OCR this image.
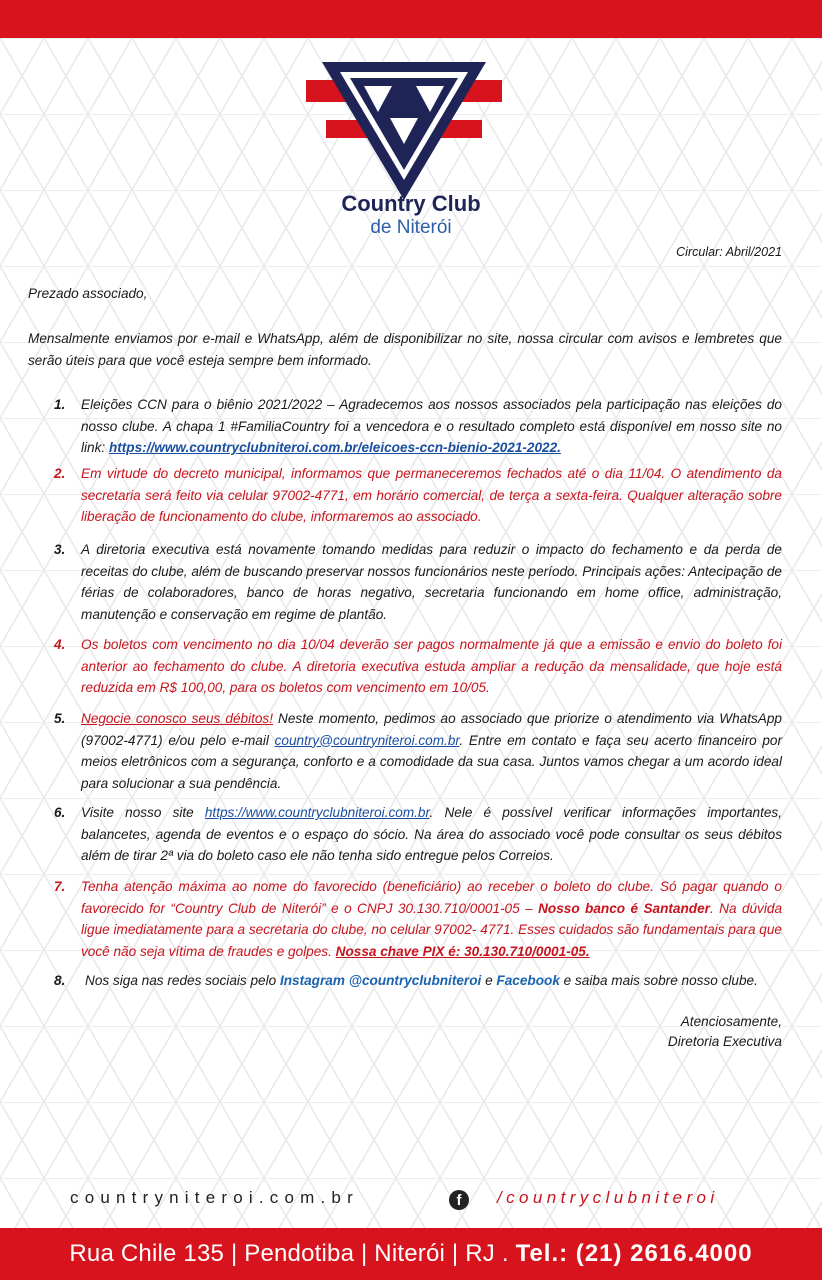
Country Club
de Niterói
Circular: Abril/2021
Prezado associado,
Mensalmente enviamos por e-mail e WhatsApp, além de disponibilizar no site, nossa circular com avisos e lembretes que serão úteis para que você esteja sempre bem informado.
1. Eleições CCN para o biênio 2021/2022 – Agradecemos aos nossos associados pela participação nas eleições do nosso clube. A chapa 1 #FamiliaCountry foi a vencedora e o resultado completo está disponível em nosso site no link: https://www.countryclubniteroi.com.br/eleicoes-ccn-bienio-2021-2022.
2. Em virtude do decreto municipal, informamos que permaneceremos fechados até o dia 11/04. O atendimento da secretaria será feito via celular 97002-4771, em horário comercial, de terça a sexta-feira. Qualquer alteração sobre liberação de funcionamento do clube, informaremos ao associado.
3. A diretoria executiva está novamente tomando medidas para reduzir o impacto do fechamento e da perda de receitas do clube, além de buscando preservar nossos funcionários neste período. Principais ações: Antecipação de férias de colaboradores, banco de horas negativo, secretaria funcionando em home office, administração, manutenção e conservação em regime de plantão.
4. Os boletos com vencimento no dia 10/04 deverão ser pagos normalmente já que a emissão e envio do boleto foi anterior ao fechamento do clube. A diretoria executiva estuda ampliar a redução da mensalidade, que hoje está reduzida em R$ 100,00, para os boletos com vencimento em 10/05.
5. Negocie conosco seus débitos! Neste momento, pedimos ao associado que priorize o atendimento via WhatsApp (97002-4771) e/ou pelo e-mail country@countryniteroi.com.br. Entre em contato e faça seu acerto financeiro por meios eletrônicos com a segurança, conforto e a comodidade da sua casa. Juntos vamos chegar a um acordo ideal para solucionar a sua pendência.
6. Visite nosso site https://www.countryclubniteroi.com.br. Nele é possível verificar informações importantes, balancetes, agenda de eventos e o espaço do sócio. Na área do associado você pode consultar os seus débitos além de tirar 2ª via do boleto caso ele não tenha sido entregue pelos Correios.
7. Tenha atenção máxima ao nome do favorecido (beneficiário) ao receber o boleto do clube. Só pagar quando o favorecido for “Country Club de Niterói” e o CNPJ 30.130.710/0001-05 – Nosso banco é Santander. Na dúvida ligue imediatamente para a secretaria do clube, no celular 97002- 4771. Esses cuidados são fundamentais para que você não seja vítima de fraudes e golpes. Nossa chave PIX é: 30.130.710/0001-05.
8. Nos siga nas redes sociais pelo Instagram @countryclubniteroi e Facebook e saiba mais sobre nosso clube.
Atenciosamente,
Diretoria Executiva
countryniteroi.com.br	f	/countryclubniteroi
Rua Chile 135 | Pendotiba | Niterói | RJ . Tel.: (21) 2616.4000
